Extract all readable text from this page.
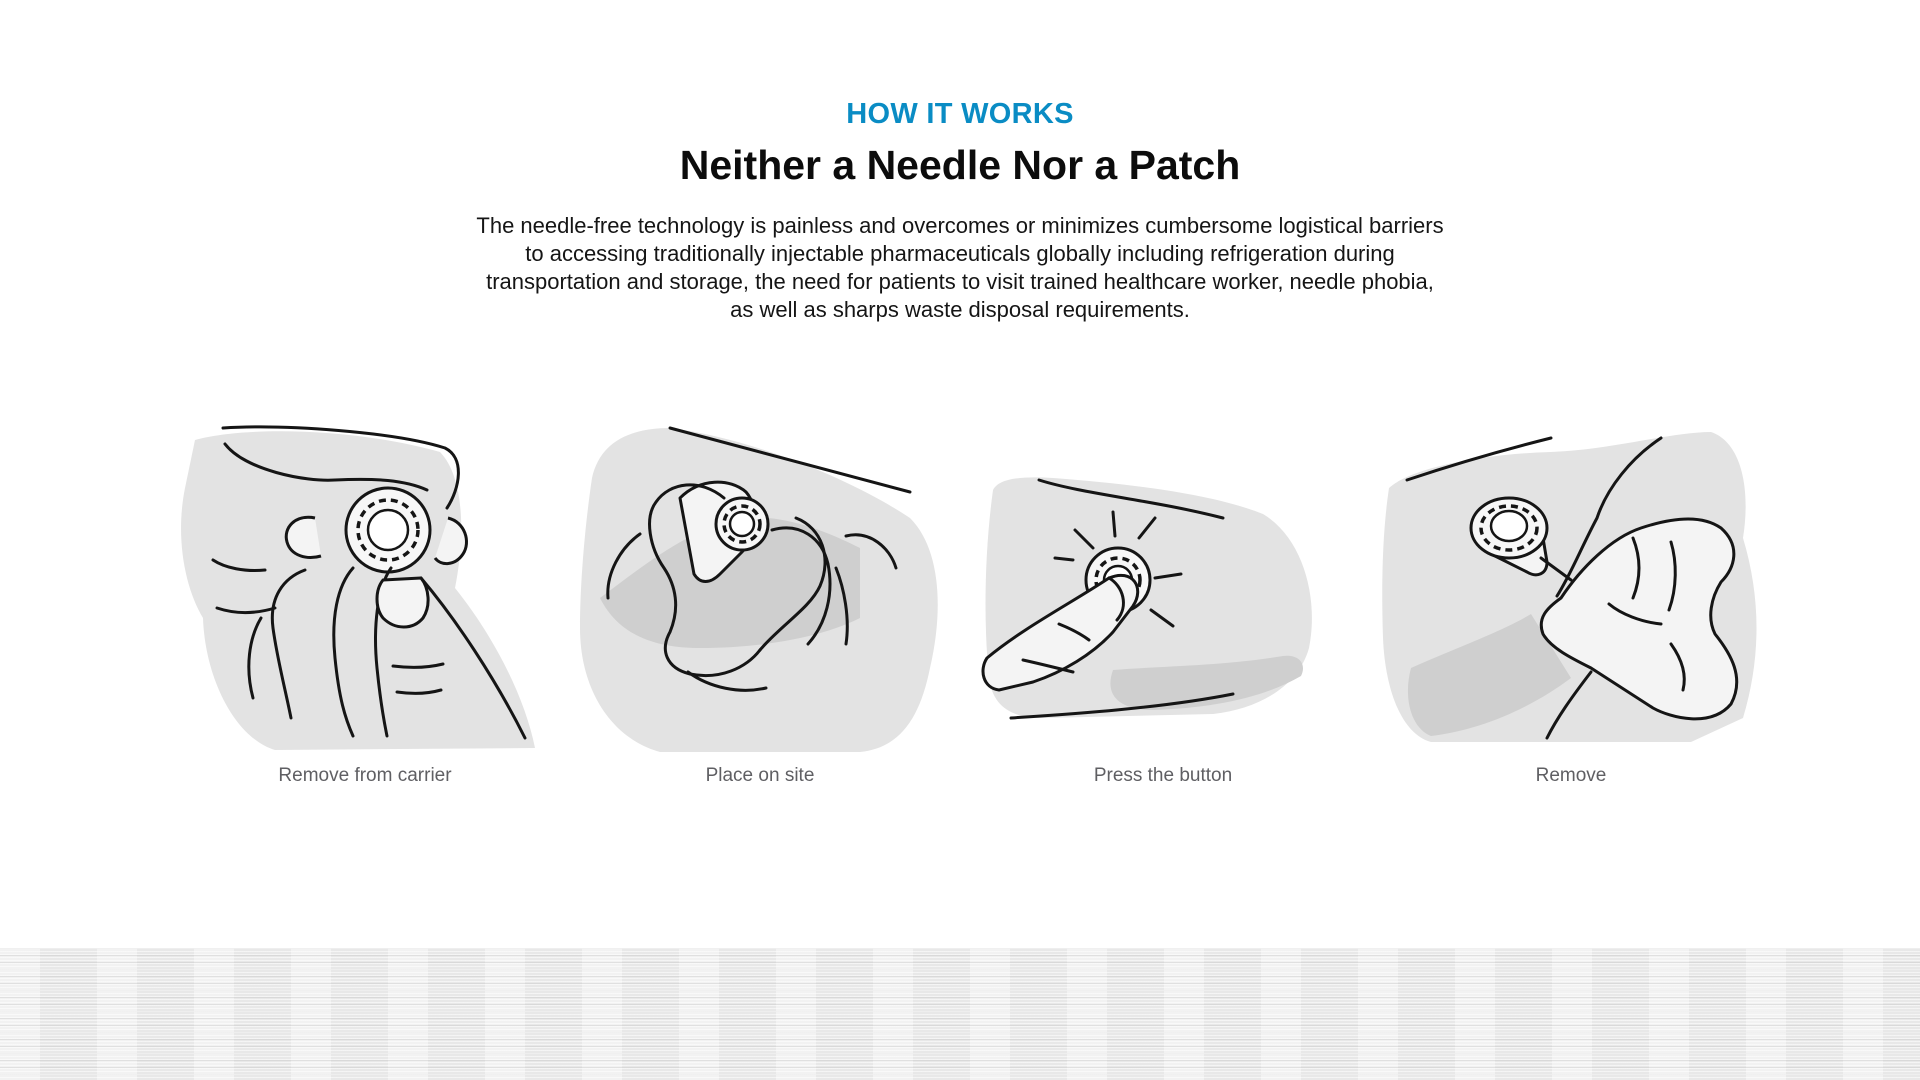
HOW IT WORKS
Neither a Needle Nor a Patch

The needle-free technology is painless and overcomes or minimizes cumbersome logistical barriers to accessing traditionally injectable pharmaceuticals globally including refrigeration during transportation and storage, the need for patients to visit trained healthcare worker, needle phobia, as well as sharps waste disposal requirements.

Remove from carrier	Place on site	Press the button	Remove
